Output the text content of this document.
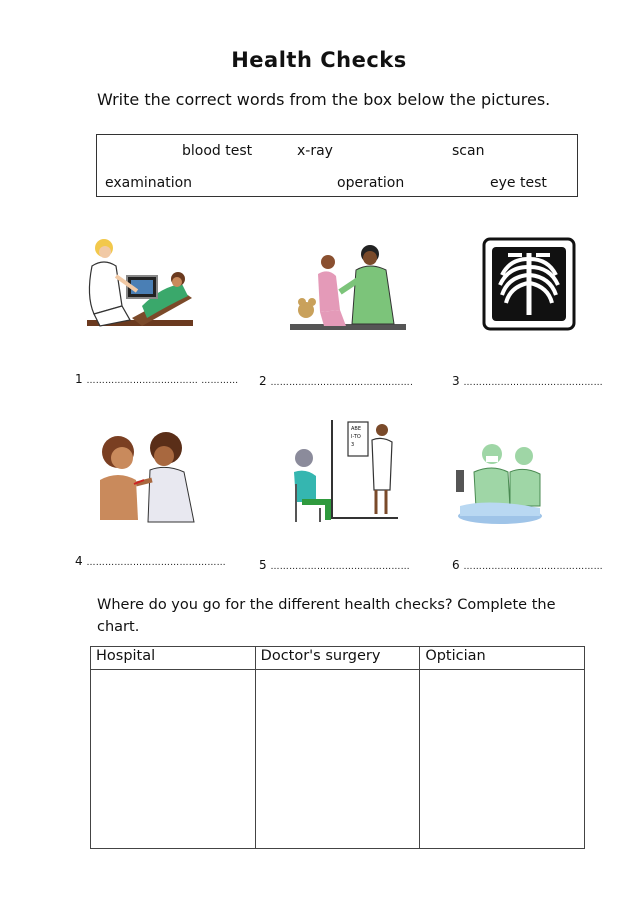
Health Checks
Write the correct words from the box below the pictures.
blood test	x-ray	scan
examination	operation	eye test
1 ……………………………… ………… 2 ……………………………………….	3 ………………………………………
ABE
I-TO
3
4 ………………………………………	5 ………………………………………	6 ………………………………………
Where do you go for the different health checks? Complete the chart.
Hospital	Doctor's surgery	Optician
